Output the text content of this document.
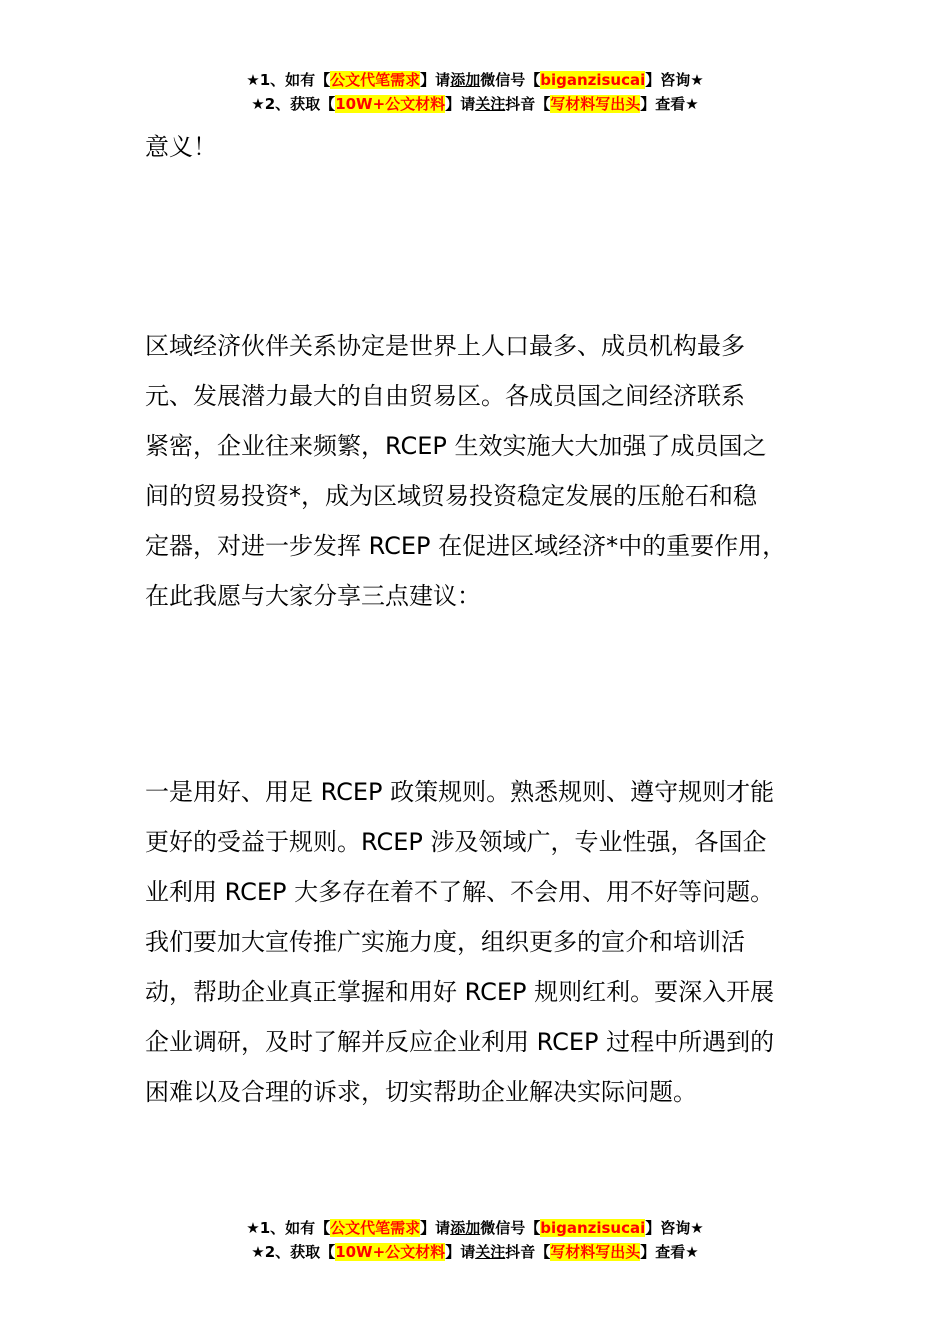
★1、如有【公文代笔需求】请添加微信号【biganzisucai】咨询★
★2、获取【10W+公文材料】请关注抖音【写材料写出头】查看★

意义！

区域经济伙伴关系协定是世界上人口最多、成员机构最多
元、发展潜力最大的自由贸易区。各成员国之间经济联系
紧密，企业往来频繁，RCEP 生效实施大大加强了成员国之
间的贸易投资*，成为区域贸易投资稳定发展的压舱石和稳
定器，对进一步发挥 RCEP 在促进区域经济*中的重要作用，
在此我愿与大家分享三点建议：

一是用好、用足 RCEP 政策规则。熟悉规则、遵守规则才能
更好的受益于规则。RCEP 涉及领域广，专业性强，各国企
业利用 RCEP 大多存在着不了解、不会用、用不好等问题。
我们要加大宣传推广实施力度，组织更多的宣介和培训活
动，帮助企业真正掌握和用好 RCEP 规则红利。要深入开展
企业调研，及时了解并反应企业利用 RCEP 过程中所遇到的
困难以及合理的诉求，切实帮助企业解决实际问题。

★1、如有【公文代笔需求】请添加微信号【biganzisucai】咨询★
★2、获取【10W+公文材料】请关注抖音【写材料写出头】查看★
